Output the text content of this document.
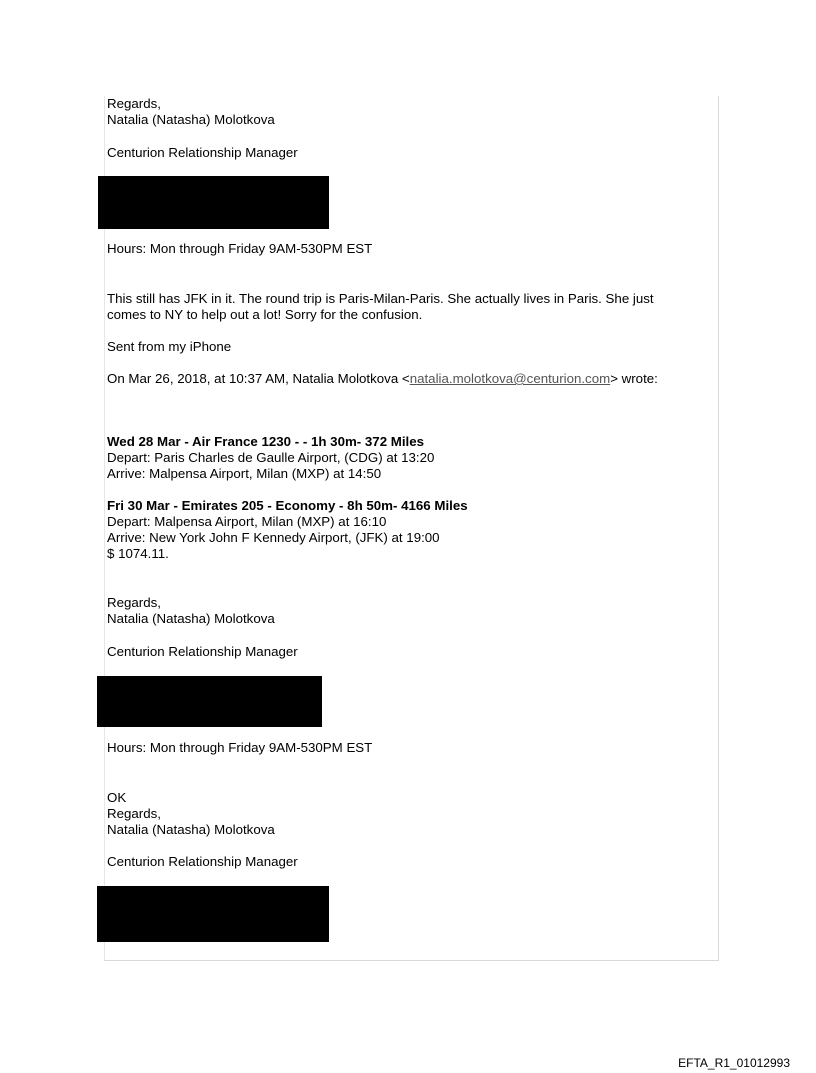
Regards,
Natalia (Natasha) Molotkova
Centurion Relationship Manager
Hours: Mon through Friday 9AM-530PM EST
This still has JFK in it. The round trip is Paris-Milan-Paris. She actually lives in Paris. She just
comes to NY to help out a lot! Sorry for the confusion.
Sent from my iPhone
On Mar 26, 2018, at 10:37 AM, Natalia Molotkova <natalia.molotkova@centurion.com> wrote:
Wed 28 Mar - Air France 1230 - - 1h 30m- 372 Miles
Depart: Paris Charles de Gaulle Airport, (CDG) at 13:20
Arrive: Malpensa Airport, Milan (MXP) at 14:50
Fri 30 Mar - Emirates 205 - Economy - 8h 50m- 4166 Miles
Depart: Malpensa Airport, Milan (MXP) at 16:10
Arrive: New York John F Kennedy Airport, (JFK) at 19:00
$ 1074.11.
Regards,
Natalia (Natasha) Molotkova
Centurion Relationship Manager
Hours: Mon through Friday 9AM-530PM EST
OK
Regards,
Natalia (Natasha) Molotkova
Centurion Relationship Manager
EFTA_R1_01012993
